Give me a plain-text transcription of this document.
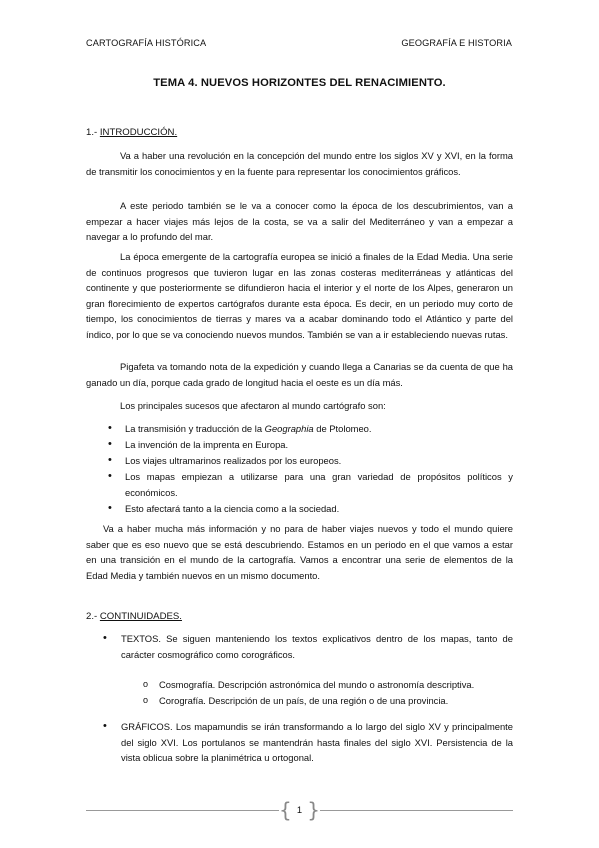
CARTOGRAFÍA HISTÓRICA	GEOGRAFÍA E HISTORIA
TEMA 4. NUEVOS HORIZONTES DEL RENACIMIENTO.
1.- INTRODUCCIÓN.
Va a haber una revolución en la concepción del mundo entre los siglos XV y XVI, en la forma de transmitir los conocimientos y en la fuente para representar los conocimientos gráficos.
A este periodo también se le va a conocer como la época de los descubrimientos, van a empezar a hacer viajes más lejos de la costa, se va a salir del Mediterráneo y van a empezar a navegar a lo profundo del mar.
La época emergente de la cartografía europea se inició a finales de la Edad Media. Una serie de continuos progresos que tuvieron lugar en las zonas costeras mediterráneas y atlánticas del continente y que posteriormente se difundieron hacia el interior y el norte de los Alpes, generaron un gran florecimiento de expertos cartógrafos durante esta época. Es decir, en un periodo muy corto de tiempo, los conocimientos de tierras y mares va a acabar dominando todo el Atlántico y parte del índico, por lo que se va conociendo nuevos mundos. También se van a ir estableciendo nuevas rutas.
Pigafeta va tomando nota de la expedición y cuando llega a Canarias se da cuenta de que ha ganado un día, porque cada grado de longitud hacia el oeste es un día más.
Los principales sucesos que afectaron al mundo cartógrafo son:
• La transmisión y traducción de la Geographia de Ptolomeo.
• La invención de la imprenta en Europa.
• Los viajes ultramarinos realizados por los europeos.
• Los mapas empiezan a utilizarse para una gran variedad de propósitos políticos y económicos.
• Esto afectará tanto a la ciencia como a la sociedad.
Va a haber mucha más información y no para de haber viajes nuevos y todo el mundo quiere saber que es eso nuevo que se está descubriendo. Estamos en un periodo en el que vamos a estar en una transición en el mundo de la cartografía. Vamos a encontrar una serie de elementos de la Edad Media y también nuevos en un mismo documento.
2.- CONTINUIDADES.
• TEXTOS. Se siguen manteniendo los textos explicativos dentro de los mapas, tanto de carácter cosmográfico como corográficos.
o Cosmografía. Descripción astronómica del mundo o astronomía descriptiva.
o Corografía. Descripción de un país, de una región o de una provincia.
• GRÁFICOS. Los mapamundis se irán transformando a lo largo del siglo XV y principalmente del siglo XVI. Los portulanos se mantendrán hasta finales del siglo XVI. Persistencia de la vista oblicua sobre la planimétrica u ortogonal.
{ }
1
